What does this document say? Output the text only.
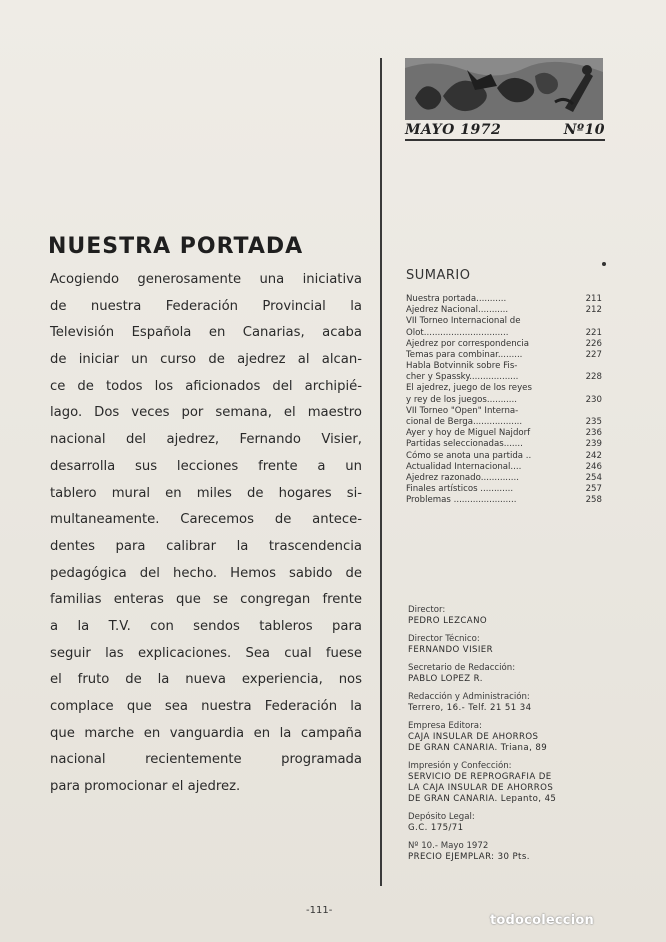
MAYO 1972	Nº10
NUESTRA PORTADA
Acogiendo generosamente una iniciativa
de nuestra Federación Provincial la
Televisión Española en Canarias, acaba
de iniciar un curso de ajedrez al alcan-
ce de todos los aficionados del archipié-
lago. Dos veces por semana, el maestro
nacional del ajedrez, Fernando Visier,
desarrolla sus lecciones frente a un
tablero mural en miles de hogares si-
multaneamente. Carecemos de antece-
dentes para calibrar la trascendencia
pedagógica del hecho. Hemos sabido de
familias enteras que se congregan frente
a la T.V. con sendos tableros para
seguir las explicaciones. Sea cual fuese
el fruto de la nueva experiencia, nos
complace que sea nuestra Federación la
que marche en vanguardia en la campaña
nacional recientemente programada
para promocionar el ajedrez.
SUMARIO
Nuestra portada...........	211
Ajedrez Nacional...........	212
VII Torneo Internacional de
Olot...............................	221
Ajedrez por correspondencia	226
Temas para combinar.........	227
Habla Botvinnik sobre Fis-
cher y Spassky..................	228
El ajedrez, juego de los reyes
y rey de los juegos...........	230
VII Torneo "Open" Interna-
cional de Berga..................	235
Ayer y hoy de Miguel Najdorf	236
Partidas seleccionadas.......	239
Cómo se anota una partida ..	242
Actualidad Internacional....	246
Ajedrez razonado..............	254
Finales artísticos ............	257
Problemas .......................	258
Director:
PEDRO LEZCANO
Director Técnico:
FERNANDO VISIER
Secretario de Redacción:
PABLO LOPEZ R.
Redacción y Administración:
Terrero, 16.- Telf. 21 51 34
Empresa Editora:
CAJA INSULAR DE AHORROS
DE GRAN CANARIA. Triana, 89
Impresión y Confección:
SERVICIO DE REPROGRAFIA DE
LA CAJA INSULAR DE AHORROS
DE GRAN CANARIA. Lepanto, 45
Depósito Legal:
G.C. 175/71
Nº 10.- Mayo 1972
PRECIO EJEMPLAR: 30 Pts.
-111-
todocoleccion
